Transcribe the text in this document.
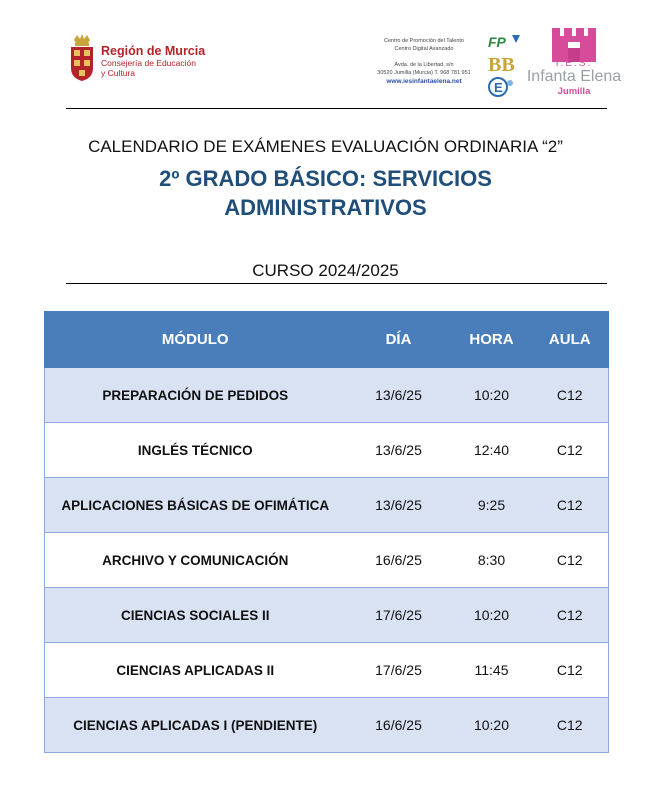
Región de Murcia
Consejería de Educación
y Cultura
Centro de Promoción del Talento
Centro Digital Avanzado
Avda. de la Libertad, s/n
30520 Jumilla (Murcia) T. 968 781 951
www.iesinfantaelena.net
FP
BB
E
I.E.S.
Infanta Elena
Jumilla
CALENDARIO DE EXÁMENES EVALUACIÓN ORDINARIA “2”
2º GRADO BÁSICO: SERVICIOS
ADMINISTRATIVOS
CURSO 2024/2025
MÓDULO	DÍA	HORA	AULA
PREPARACIÓN DE PEDIDOS	13/6/25	10:20	C12
INGLÉS TÉCNICO	13/6/25	12:40	C12
APLICACIONES BÁSICAS DE OFIMÁTICA	13/6/25	9:25	C12
ARCHIVO Y COMUNICACIÓN	16/6/25	8:30	C12
CIENCIAS SOCIALES II	17/6/25	10:20	C12
CIENCIAS APLICADAS II	17/6/25	11:45	C12
CIENCIAS APLICADAS I (PENDIENTE)	16/6/25	10:20	C12
